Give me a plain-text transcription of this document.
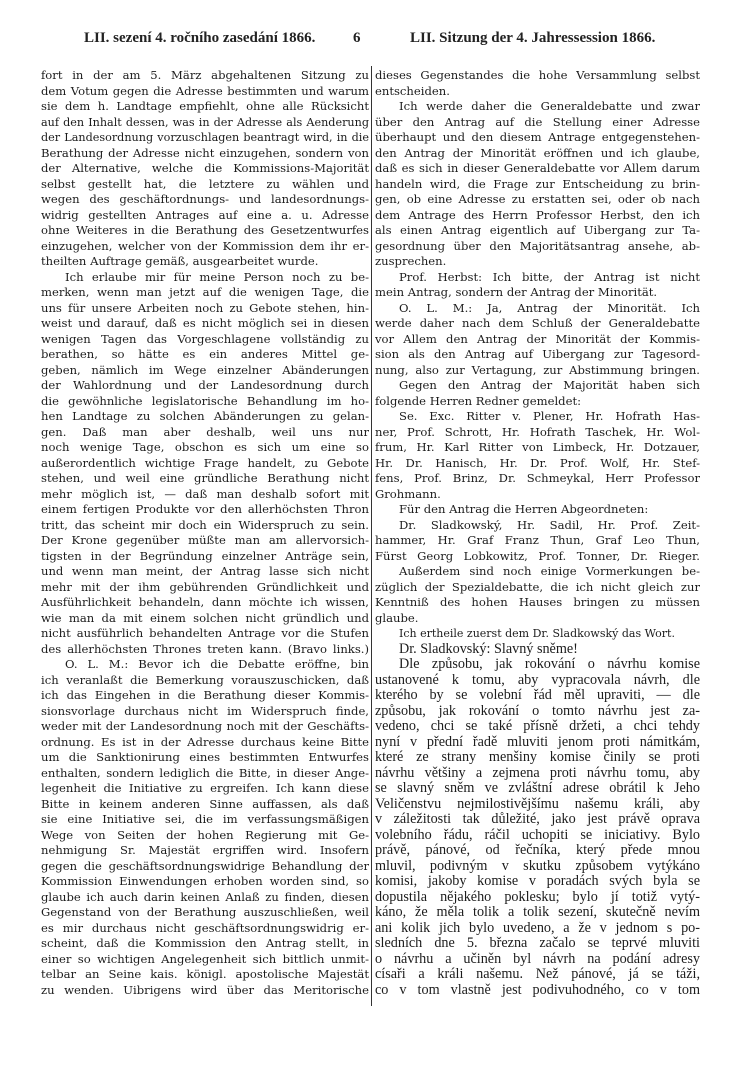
LII. sezení 4. ročního zasedání 1866.	6	LII. Sitzung der 4. Jahressession 1866.
fort in der am 5. März abgehaltenen Sitzung zu
dem Votum gegen die Adresse bestimmten und warum
sie dem h. Landtage empfiehlt, ohne alle Rücksicht
auf den Inhalt dessen, was in der Adresse als Aenderung
der Landesordnung vorzuschlagen beantragt wird, in die
Berathung der Adresse nicht einzugehen, sondern von
der Alternative, welche die Kommissions-Majorität
selbst gestellt hat, die letztere zu wählen und
wegen des geschäftordnungs- und landesordnungs-
widrig gestellten Antrages auf eine a. u. Adresse
ohne Weiteres in die Berathung des Gesetzentwurfes
einzugehen, welcher von der Kommission dem ihr er-
theilten Auftrage gemäß, ausgearbeitet wurde.
Ich erlaube mir für meine Person noch zu be-
merken, wenn man jetzt auf die wenigen Tage, die
uns für unsere Arbeiten noch zu Gebote stehen, hin-
weist und darauf, daß es nicht möglich sei in diesen
wenigen Tagen das Vorgeschlagene vollständig zu
berathen, so hätte es ein anderes Mittel ge-
geben, nämlich im Wege einzelner Abänderungen
der Wahlordnung und der Landesordnung durch
die gewöhnliche legislatorische Behandlung im ho-
hen Landtage zu solchen Abänderungen zu gelan-
gen. Daß man aber deshalb, weil uns nur
noch wenige Tage, obschon es sich um eine so
außerordentlich wichtige Frage handelt, zu Gebote
stehen, und weil eine gründliche Berathung nicht
mehr möglich ist, — daß man deshalb sofort mit
einem fertigen Produkte vor den allerhöchsten Thron
tritt, das scheint mir doch ein Widerspruch zu sein.
Der Krone gegenüber müßte man am allervorsich-
tigsten in der Begründung einzelner Anträge sein,
und wenn man meint, der Antrag lasse sich nicht
mehr mit der ihm gebührenden Gründlichkeit und
Ausführlichkeit behandeln, dann möchte ich wissen,
wie man da mit einem solchen nicht gründlich und
nicht ausführlich behandelten Antrage vor die Stufen
des allerhöchsten Thrones treten kann. (Bravo links.)
O. L. M.: Bevor ich die Debatte eröffne, bin
ich veranlaßt die Bemerkung vorauszuschicken, daß
ich das Eingehen in die Berathung dieser Kommis-
sionsvorlage durchaus nicht im Widerspruch finde,
weder mit der Landesordnung noch mit der Geschäfts-
ordnung. Es ist in der Adresse durchaus keine Bitte
um die Sanktionirung eines bestimmten Entwurfes
enthalten, sondern lediglich die Bitte, in dieser Ange-
legenheit die Initiative zu ergreifen. Ich kann diese
Bitte in keinem anderen Sinne auffassen, als daß
sie eine Initiative sei, die im verfassungsmäßigen
Wege von Seiten der hohen Regierung mit Ge-
nehmigung Sr. Majestät ergriffen wird. Insofern
gegen die geschäftsordnungswidrige Behandlung der
Kommission Einwendungen erhoben worden sind, so
glaube ich auch darin keinen Anlaß zu finden, diesen
Gegenstand von der Berathung auszuschließen, weil
es mir durchaus nicht geschäftsordnungswidrig er-
scheint, daß die Kommission den Antrag stellt, in
einer so wichtigen Angelegenheit sich bittlich unmit-
telbar an Seine kais. königl. apostolische Majestät
zu wenden. Uibrigens wird über das Meritorische
dieses Gegenstandes die hohe Versammlung selbst
entscheiden.
Ich werde daher die Generaldebatte und zwar
über den Antrag auf die Stellung einer Adresse
überhaupt und den diesem Antrage entgegenstehen-
den Antrag der Minorität eröffnen und ich glaube,
daß es sich in dieser Generaldebatte vor Allem darum
handeln wird, die Frage zur Entscheidung zu brin-
gen, ob eine Adresse zu erstatten sei, oder ob nach
dem Antrage des Herrn Professor Herbst, den ich
als einen Antrag eigentlich auf Uibergang zur Ta-
gesordnung über den Majoritätsantrag ansehe, ab-
zusprechen.
Prof. Herbst: Ich bitte, der Antrag ist nicht
mein Antrag, sondern der Antrag der Minorität.
O. L. M.: Ja, Antrag der Minorität. Ich
werde daher nach dem Schluß der Generaldebatte
vor Allem den Antrag der Minorität der Kommis-
sion als den Antrag auf Uibergang zur Tagesord-
nung, also zur Vertagung, zur Abstimmung bringen.
Gegen den Antrag der Majorität haben sich
folgende Herren Redner gemeldet:
Se. Exc. Ritter v. Plener, Hr. Hofrath Has-
ner, Prof. Schrott, Hr. Hofrath Taschek, Hr. Wol-
frum, Hr. Karl Ritter von Limbeck, Hr. Dotzauer,
Hr. Dr. Hanisch, Hr. Dr. Prof. Wolf, Hr. Stef-
fens, Prof. Brinz, Dr. Schmeykal, Herr Professor
Grohmann.
Für den Antrag die Herren Abgeordneten:
Dr. Sladkowský, Hr. Sadil, Hr. Prof. Zeit-
hammer, Hr. Graf Franz Thun, Graf Leo Thun,
Fürst Georg Lobkowitz, Prof. Tonner, Dr. Rieger.
Außerdem sind noch einige Vormerkungen be-
züglich der Spezialdebatte, die ich nicht gleich zur
Kenntniß des hohen Hauses bringen zu müssen
glaube.
Ich ertheile zuerst dem Dr. Sladkowský das Wort.
Dr. Sladkovský: Slavný sněme!
Dle způsobu, jak rokování o návrhu komise
ustanovené k tomu, aby vypracovala návrh, dle
kterého by se volební řád měl upraviti, — dle
způsobu, jak rokování o tomto návrhu jest za-
vedeno, chci se také přísně držeti, a chci tehdy
nyní v přední řadě mluviti jenom proti námitkám,
které ze strany menšiny komise činily se proti
návrhu většiny a zejmena proti návrhu tomu, aby
se slavný sněm ve zvláštní adrese obrátil k Jeho
Veličenstvu nejmilostivějšímu našemu králi, aby
v záležitosti tak důležité, jako jest právě oprava
volebního řádu, ráčil uchopiti se iniciativy. Bylo
právě, pánové, od řečníka, který přede mnou
mluvil, podivným v skutku způsobem vytýkáno
komisi, jakoby komise v poradách svých byla se
dopustila nějakého poklesku; bylo jí totiž vytý-
káno, že měla tolik a tolik sezení, skutečně nevím
ani kolik jich bylo uvedeno, a že v jednom s po-
sledních dne 5. března začalo se teprvé mluviti
o návrhu a učiněn byl návrh na podání adresy
císaři a králi našemu. Než pánové, já se táži,
co v tom vlastně jest podivuhodného, co v tom
